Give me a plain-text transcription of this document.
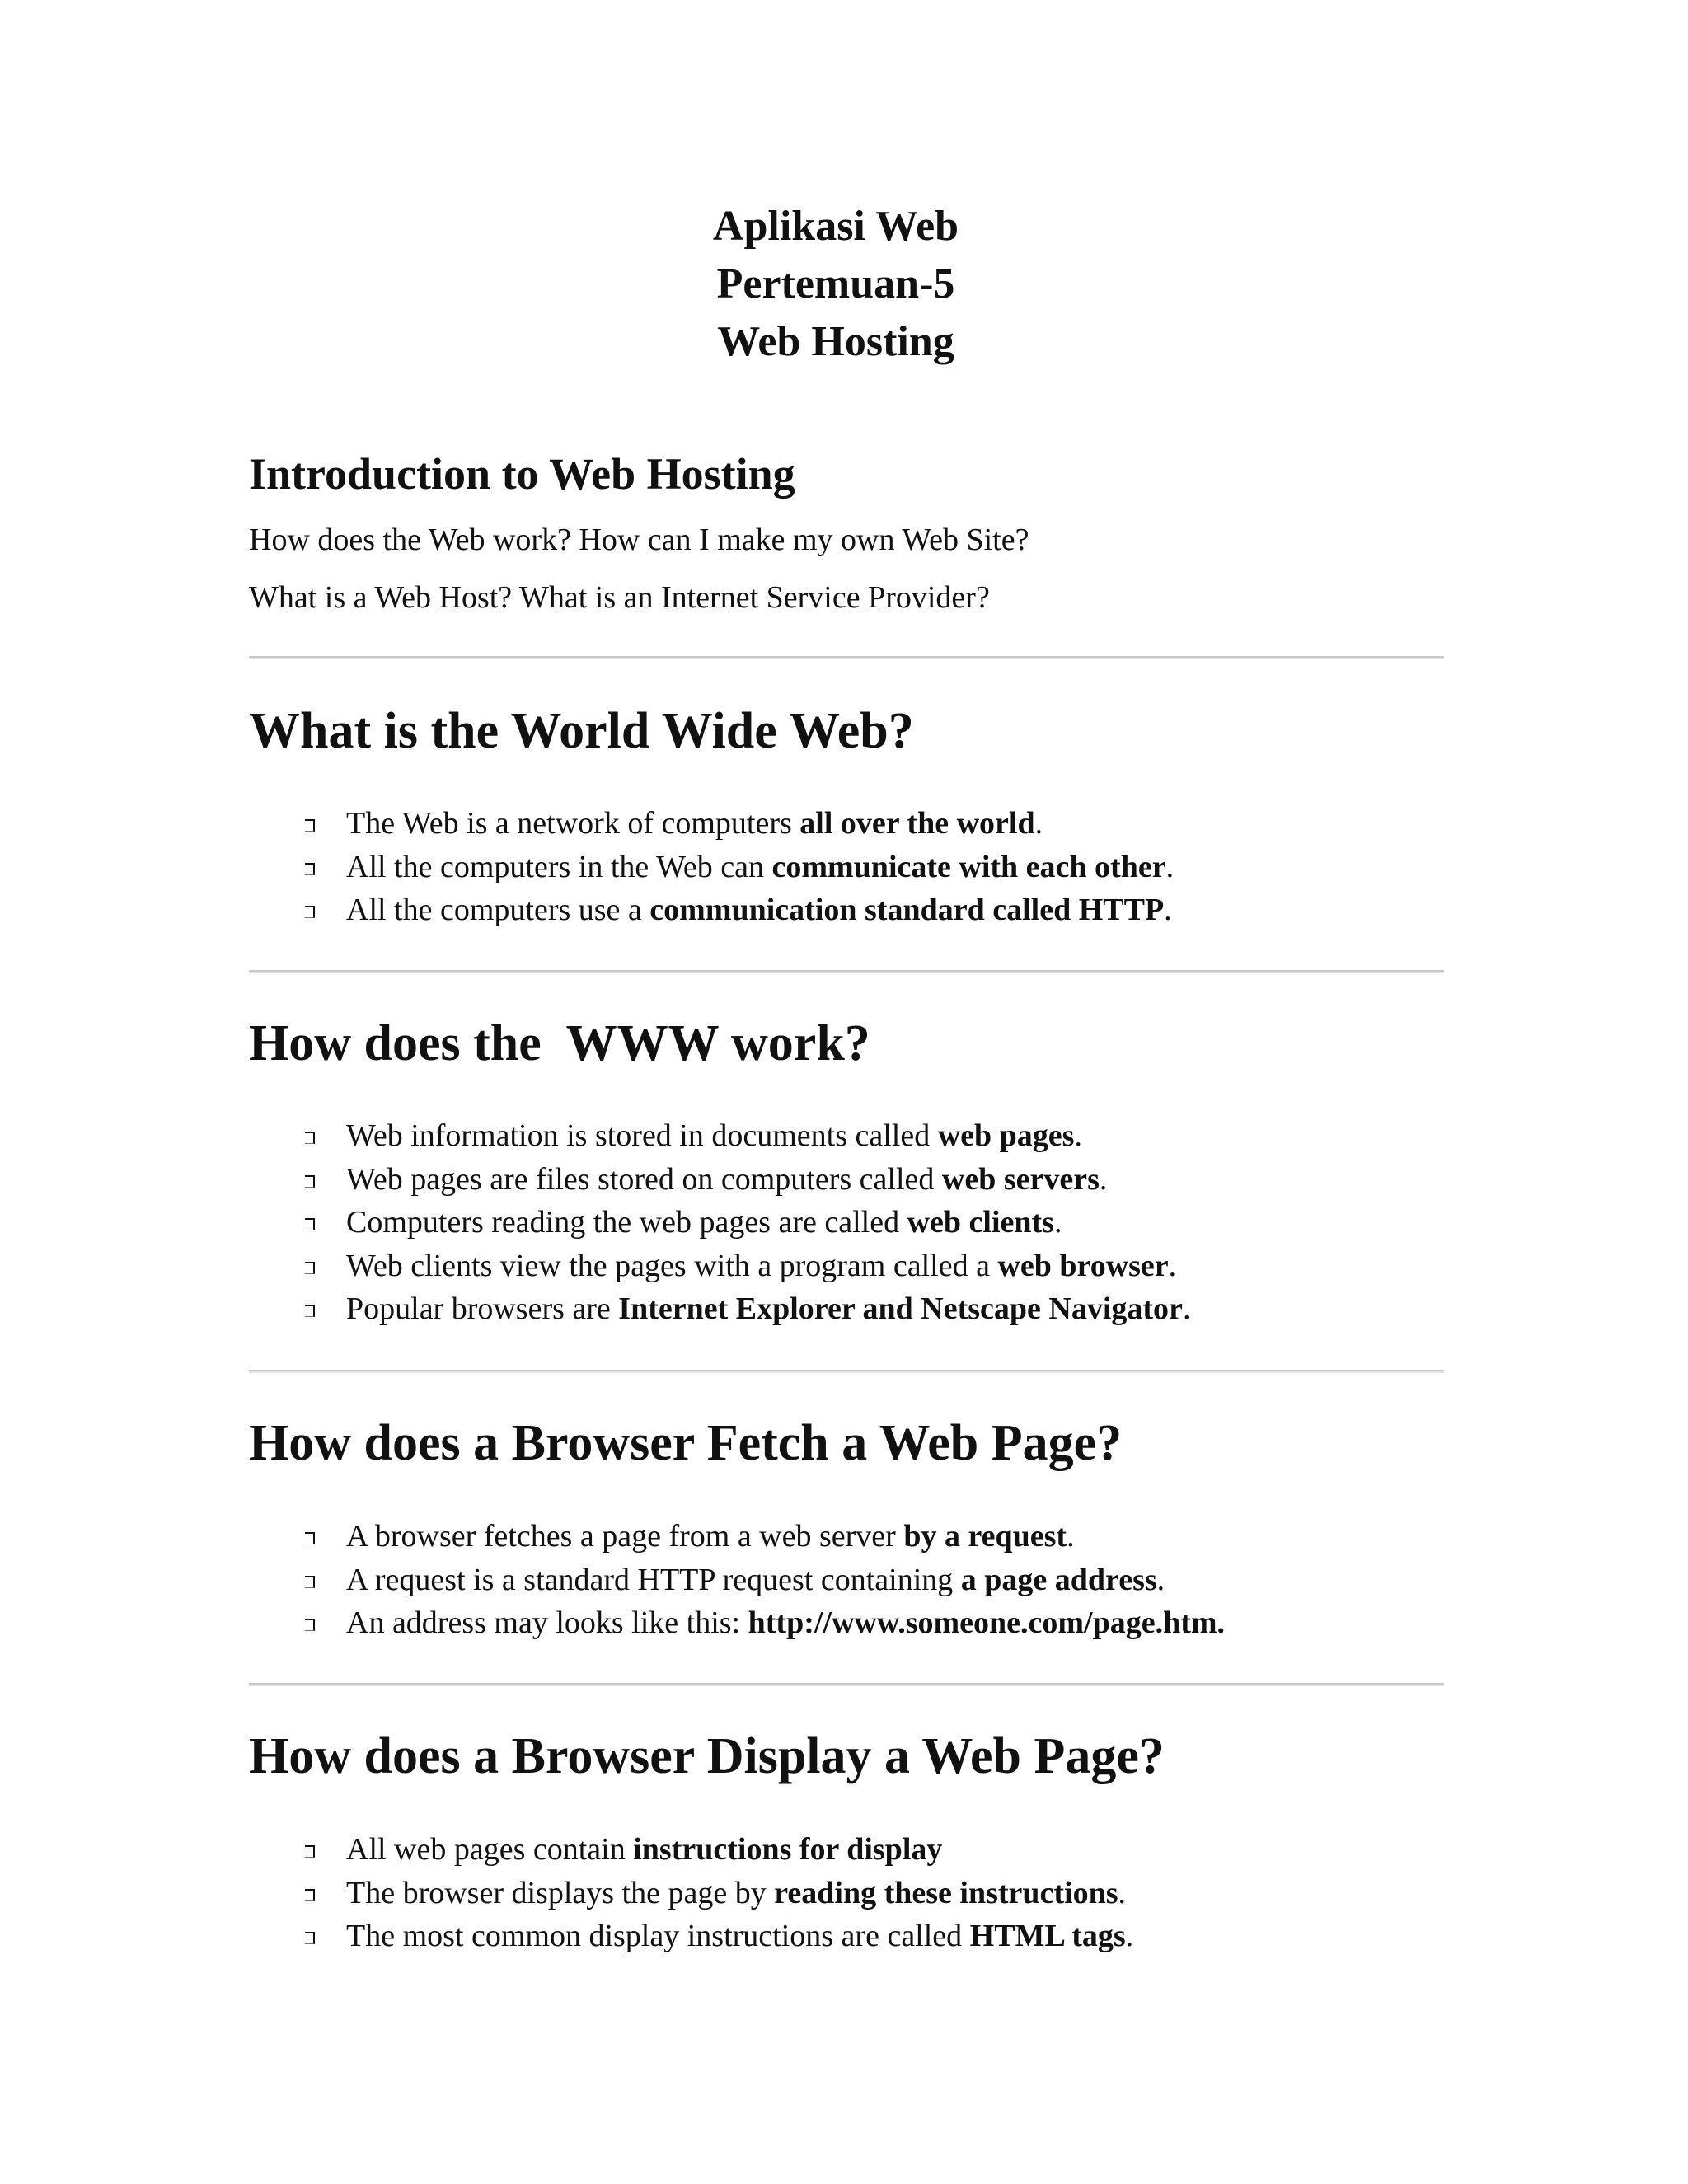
Aplikasi Web
Pertemuan-5
Web Hosting
Introduction to Web Hosting

How does the Web work? How can I make my own Web Site?

What is a Web Host? What is an Internet Service Provider?

What is the World Wide Web?
The Web is a network of computers all over the world.
All the computers in the Web can communicate with each other.
All the computers use a communication standard called HTTP.
How does the  WWW work?
Web information is stored in documents called web pages.
Web pages are files stored on computers called web servers.
Computers reading the web pages are called web clients.
Web clients view the pages with a program called a web browser.
Popular browsers are Internet Explorer and Netscape Navigator.
How does a Browser Fetch a Web Page?
A browser fetches a page from a web server by a request.
A request is a standard HTTP request containing a page address.
An address may looks like this: http://www.someone.com/page.htm.
How does a Browser Display a Web Page?
All web pages contain instructions for display
The browser displays the page by reading these instructions.
The most common display instructions are called HTML tags.
